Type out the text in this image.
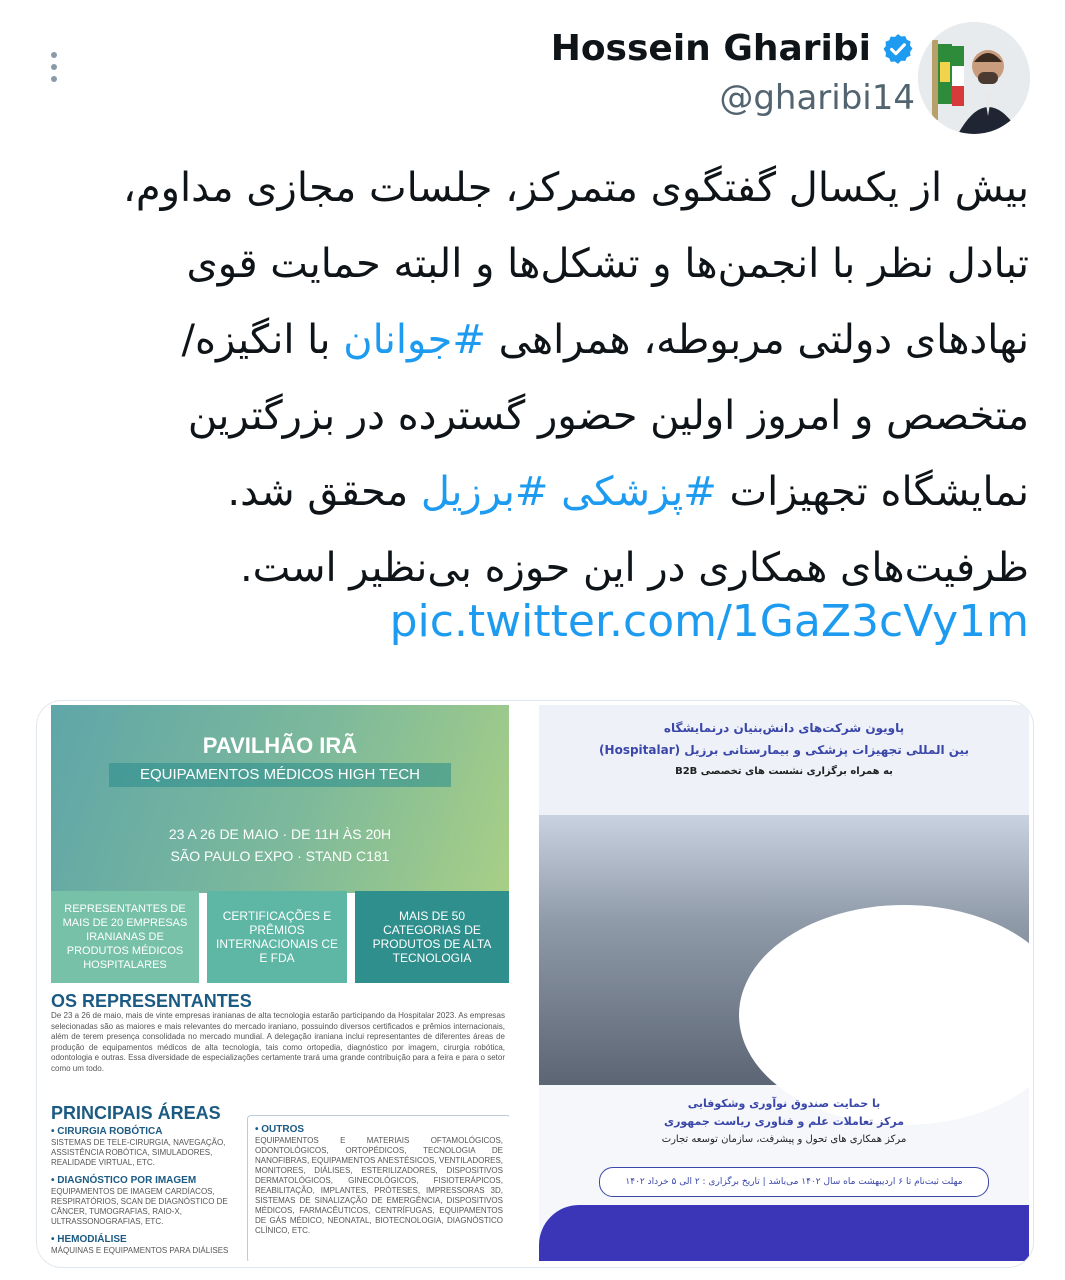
Hossein Gharibi
@gharibi14
بیش از یکسال گفتگوی متمرکز، جلسات مجازی مداوم،
تبادل نظر با انجمن‌ها و تشکل‌ها و البته حمایت قوی
نهادهای دولتی مربوطه، همراهی #جوانان با انگیزه/
متخصص و امروز اولین حضور گسترده در بزرگترین
نمایشگاه تجهیزات #پزشکی #برزیل محقق شد.
ظرفیت‌های همکاری در این حوزه بی‌نظیر است.
pic.twitter.com/1GaZ3cVy1m
PAVILHÃO IRÃ
EQUIPAMENTOS MÉDICOS HIGH TECH
23 A 26 DE MAIO · DE 11H ÀS 20H
SÃO PAULO EXPO · STAND C181
REPRESENTANTES DE MAIS DE 20 EMPRESAS IRANIANAS DE PRODUTOS MÉDICOS HOSPITALARES
CERTIFICAÇÕES E PRÊMIOS INTERNACIONAIS CE E FDA
MAIS DE 50 CATEGORIAS DE PRODUTOS DE ALTA TECNOLOGIA
OS REPRESENTANTES
De 23 a 26 de maio, mais de vinte empresas iranianas de alta tecnologia estarão participando da Hospitalar 2023. As empresas selecionadas são as maiores e mais relevantes do mercado iraniano, possuindo diversos certificados e prêmios internacionais, além de terem presença consolidada no mercado mundial. A delegação iraniana inclui representantes de diferentes áreas de produção de equipamentos médicos de alta tecnologia, tais como ortopedia, diagnóstico por imagem, cirurgia robótica, odontologia e outras. Essa diversidade de especializações certamente trará uma grande contribuição para a feira e para o setor como um todo.
PRINCIPAIS ÁREAS
• CIRURGIA ROBÓTICA
SISTEMAS DE TELE-CIRURGIA, NAVEGAÇÃO, ASSISTÊNCIA ROBÓTICA, SIMULADORES, REALIDADE VIRTUAL, ETC.
• DIAGNÓSTICO POR IMAGEM
EQUIPAMENTOS DE IMAGEM CARDÍACOS, RESPIRATÓRIOS, SCAN DE DIAGNÓSTICO DE CÂNCER, TUMOGRAFIAS, RAIO-X, ULTRASSONOGRAFIAS, ETC.
• HEMODIÁLISE
MÁQUINAS E EQUIPAMENTOS PARA DIÁLISES
• OUTROS
EQUIPAMENTOS E MATERIAIS OFTAMOLÓGICOS, ODONTOLÓGICOS, ORTOPÉDICOS, TECNOLOGIA DE NANOFIBRAS, EQUIPAMENTOS ANESTÉSICOS, VENTILADORES, MONITORES, DIÁLISES, ESTERILIZADORES, DISPOSITIVOS DERMATOLÓGICOS, GINECOLÓGICOS, FISIOTERÁPICOS, REABILITAÇÃO, IMPLANTES, PRÓTESES, IMPRESSORAS 3D, SISTEMAS DE SINALIZAÇÃO DE EMERGÊNCIA, DISPOSITIVOS MÉDICOS, FARMACÊUTICOS, CENTRÍFUGAS, EQUIPAMENTOS DE GÁS MÉDICO, NEONATAL, BIOTECNOLOGIA, DIAGNÓSTICO CLÍNICO, ETC.
پاویون شرکت‌های دانش‌بنیان درنمایشگاه
بین المللی تجهیزات پزشکی و بیمارستانی برزیل (Hospitalar)
به همراه برگزاری نشست های تخصصی B2B
با حمایت صندوق نوآوری وشکوفایی
مرکز تعاملات علم و فناوری ریاست جمهوری
مرکز همکاری های تحول و پیشرفت، سازمان توسعه تجارت
مهلت ثبت‌نام تا ۶ اردیبهشت ماه سال ۱۴۰۲ می‌باشد | تاریخ برگزاری : ۲ الی ۵ خرداد ۱۴۰۲
